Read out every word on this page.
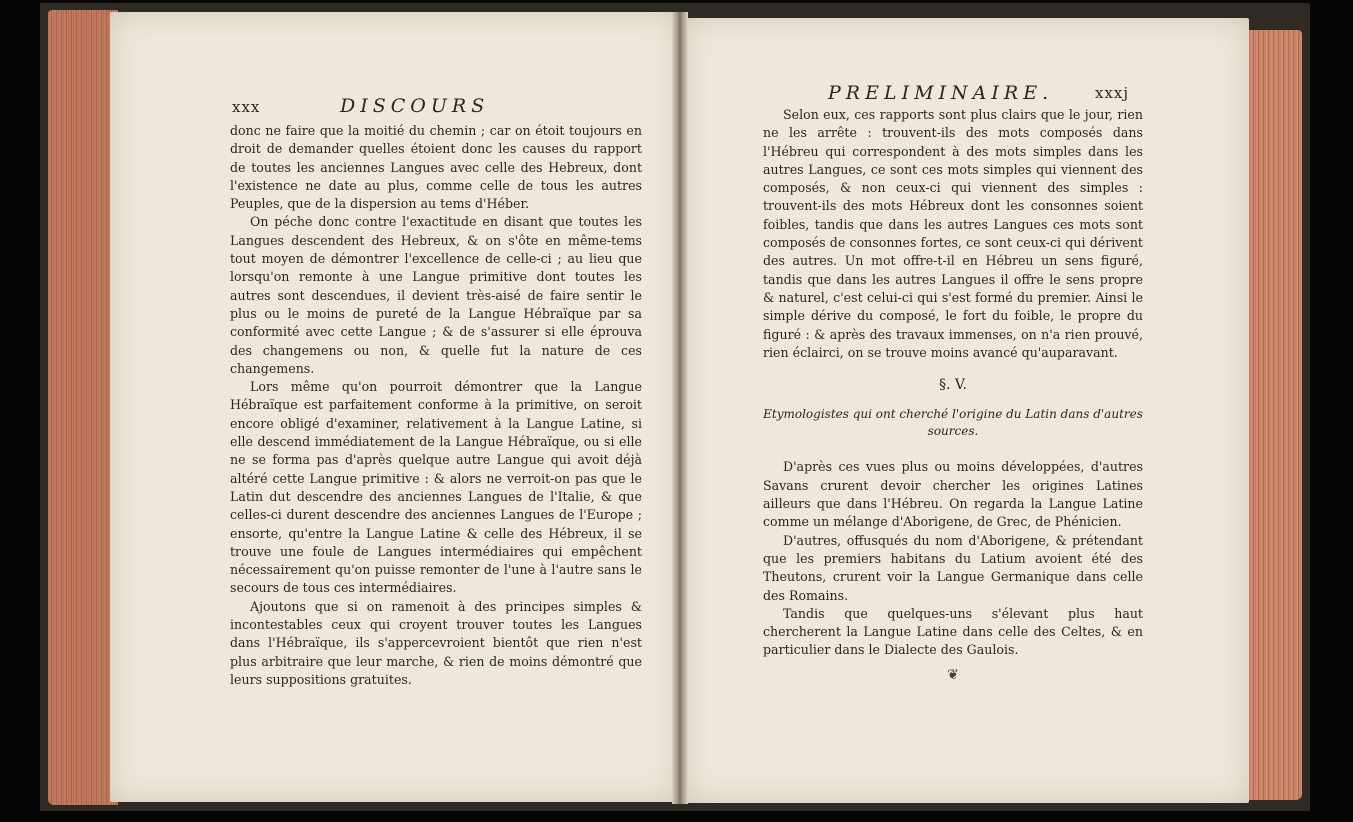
xxx	DISCOURS

donc ne faire que la moitié du chemin ; car on étoit toujours en droit de demander quelles étoient donc les causes du rapport de toutes les anciennes Langues avec celle des Hebreux, dont l'existence ne date au plus, comme celle de tous les autres Peuples, que de la dispersion au tems d'Héber.

On péche donc contre l'exactitude en disant que toutes les Langues descendent des Hebreux, & on s'ôte en même-tems tout moyen de démontrer l'excellence de celle-ci ; au lieu que lorsqu'on remonte à une Langue primitive dont toutes les autres sont descendues, il devient très-aisé de faire sentir le plus ou le moins de pureté de la Langue Hébraïque par sa conformité avec cette Langue ; & de s'assurer si elle éprouva des changemens ou non, & quelle fut la nature de ces changemens.

Lors même qu'on pourroit démontrer que la Langue Hébraïque est parfaitement conforme à la primitive, on seroit encore obligé d'examiner, relativement à la Langue Latine, si elle descend immédiatement de la Langue Hébraïque, ou si elle ne se forma pas d'après quelque autre Langue qui avoit déjà altéré cette Langue primitive : & alors ne verroit-on pas que le Latin dut descendre des anciennes Langues de l'Italie, & que celles-ci durent descendre des anciennes Langues de l'Europe ; ensorte, qu'entre la Langue Latine & celle des Hébreux, il se trouve une foule de Langues intermédiaires qui empêchent nécessairement qu'on puisse remonter de l'une à l'autre sans le secours de tous ces intermédiaires.

Ajoutons que si on ramenoit à des principes simples & incontestables ceux qui croyent trouver toutes les Langues dans l'Hébraïque, ils s'appercevroient bientôt que rien n'est plus arbitraire que leur marche, & rien de moins démontré que leurs suppositions gratuites.

PRELIMINAIRE.	xxxj

Selon eux, ces rapports sont plus clairs que le jour, rien ne les arrête : trouvent-ils des mots composés dans l'Hébreu qui correspondent à des mots simples dans les autres Langues, ce sont ces mots simples qui viennent des composés, & non ceux-ci qui viennent des simples : trouvent-ils des mots Hébreux dont les consonnes soient foibles, tandis que dans les autres Langues ces mots sont composés de consonnes fortes, ce sont ceux-ci qui dérivent des autres. Un mot offre-t-il en Hébreu un sens figuré, tandis que dans les autres Langues il offre le sens propre & naturel, c'est celui-ci qui s'est formé du premier. Ainsi le simple dérive du composé, le fort du foible, le propre du figuré : & après des travaux immenses, on n'a rien prouvé, rien éclairci, on se trouve moins avancé qu'auparavant.

§. V.
Etymologistes qui ont cherché l'origine du Latin dans d'autres sources.

D'après ces vues plus ou moins développées, d'autres Savans crurent devoir chercher les origines Latines ailleurs que dans l'Hébreu. On regarda la Langue Latine comme un mélange d'Aborigene, de Grec, de Phénicien.

D'autres, offusqués du nom d'Aborigene, & prétendant que les premiers habitans du Latium avoient été des Theutons, crurent voir la Langue Germanique dans celle des Romains.

Tandis que quelques-uns s'élevant plus haut chercherent la Langue Latine dans celle des Celtes, & en particulier dans le Dialecte des Gaulois.

❦
